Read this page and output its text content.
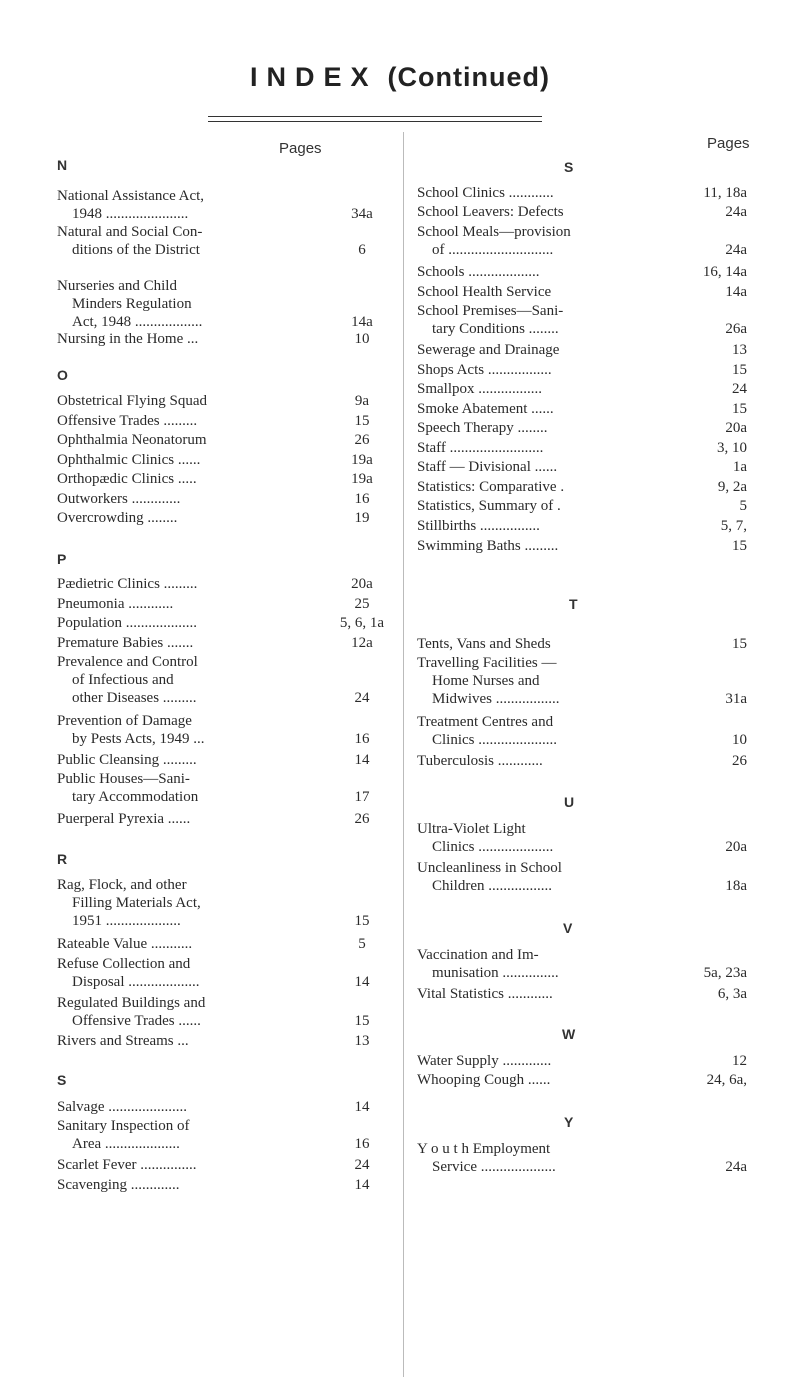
INDEX (Continued)
Pages
N
National Assistance Act,
1948 ......................	34a
Natural and Social Con-
ditions of the District	6
Nurseries and Child
Minders Regulation
Act, 1948 ..................	14a
Nursing in the Home ...	10
O
Obstetrical Flying Squad	9a
Offensive Trades .........	15
Ophthalmia Neonatorum	26
Ophthalmic Clinics ......	19a
Orthopædic Clinics .....	19a
Outworkers .............	16
Overcrowding ........	19
P
Pædietric Clinics .........	20a
Pneumonia ............	25
Population ...................	5, 6, 1a
Premature Babies .......	12a
Prevalence and Control
of Infectious and
other Diseases .........	24
Prevention of Damage
by Pests Acts, 1949 ...	16
Public Cleansing .........	14
Public Houses—Sani-
tary Accommodation	17
Puerperal Pyrexia ......	26
R
Rag, Flock, and other
Filling Materials Act,
1951 ....................	15
Rateable Value ...........	5
Refuse Collection and
Disposal ...................	14
Regulated Buildings and
Offensive Trades ......	15
Rivers and Streams ...	13
S
Salvage .....................	14
Sanitary Inspection of
Area ....................	16
Scarlet Fever ...............	24
Scavenging .............	14
Pages
S
School Clinics ............	11, 18a
School Leavers: Defects	24a
School Meals—provision
of ............................	24a
Schools ...................	16, 14a
School Health Service	14a
School Premises—Sani-
tary Conditions ........	26a
Sewerage and Drainage	13
Shops Acts .................	15
Smallpox .................	24
Smoke Abatement ......	15
Speech Therapy ........	20a
Staff .........................	3, 10
Staff — Divisional ......	1a
Statistics: Comparative .	9, 2a
Statistics, Summary of .	5
Stillbirths ................	5, 7,
Swimming Baths .........	15
T
Tents, Vans and Sheds	15
Travelling Facilities —
Home Nurses and
Midwives .................	31a
Treatment Centres and
Clinics .....................	10
Tuberculosis ............	26
U
Ultra-Violet Light
Clinics ....................	20a
Uncleanliness in School
Children .................	18a
V
Vaccination and Im-
munisation ...............	5a, 23a
Vital Statistics ............	6, 3a
W
Water Supply .............	12
Whooping Cough ......	24, 6a,
Y
Y o u t h Employment
Service ....................	24a
